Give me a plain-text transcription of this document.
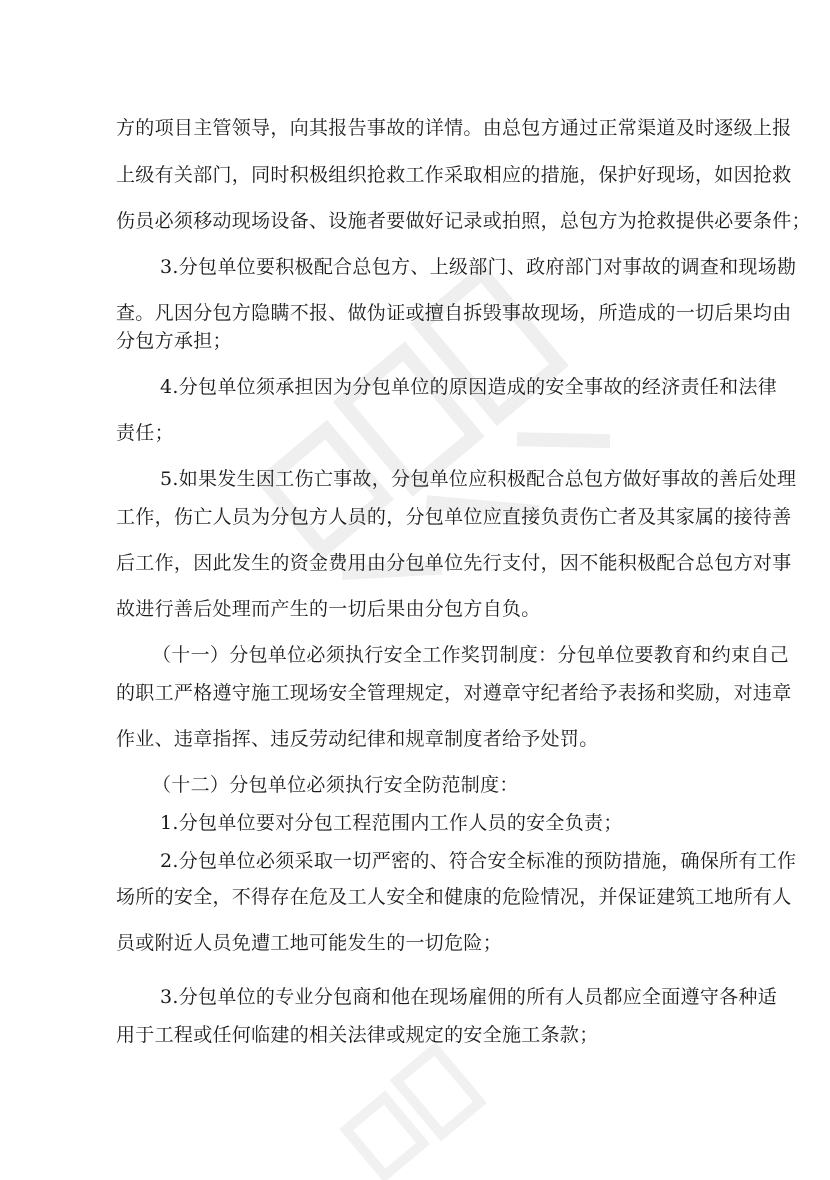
方的项目主管领导，向其报告事故的详情。由总包方通过正常渠道及时逐级上报
上级有关部门，同时积极组织抢救工作采取相应的措施，保护好现场，如因抢救
伤员必须移动现场设备、设施者要做好记录或拍照，总包方为抢救提供必要条件；
3.分包单位要积极配合总包方、上级部门、政府部门对事故的调查和现场勘
查。凡因分包方隐瞒不报、做伪证或擅自拆毁事故现场，所造成的一切后果均由
分包方承担；
4.分包单位须承担因为分包单位的原因造成的安全事故的经济责任和法律
责任；
5.如果发生因工伤亡事故，分包单位应积极配合总包方做好事故的善后处理
工作，伤亡人员为分包方人员的，分包单位应直接负责伤亡者及其家属的接待善
后工作，因此发生的资金费用由分包单位先行支付，因不能积极配合总包方对事
故进行善后处理而产生的一切后果由分包方自负。
（十一）分包单位必须执行安全工作奖罚制度：分包单位要教育和约束自己
的职工严格遵守施工现场安全管理规定，对遵章守纪者给予表扬和奖励，对违章
作业、违章指挥、违反劳动纪律和规章制度者给予处罚。
（十二）分包单位必须执行安全防范制度：
1.分包单位要对分包工程范围内工作人员的安全负责；
2.分包单位必须采取一切严密的、符合安全标准的预防措施，确保所有工作
场所的安全，不得存在危及工人安全和健康的危险情况，并保证建筑工地所有人
员或附近人员免遭工地可能发生的一切危险；
3.分包单位的专业分包商和他在现场雇佣的所有人员都应全面遵守各种适
用于工程或任何临建的相关法律或规定的安全施工条款；
